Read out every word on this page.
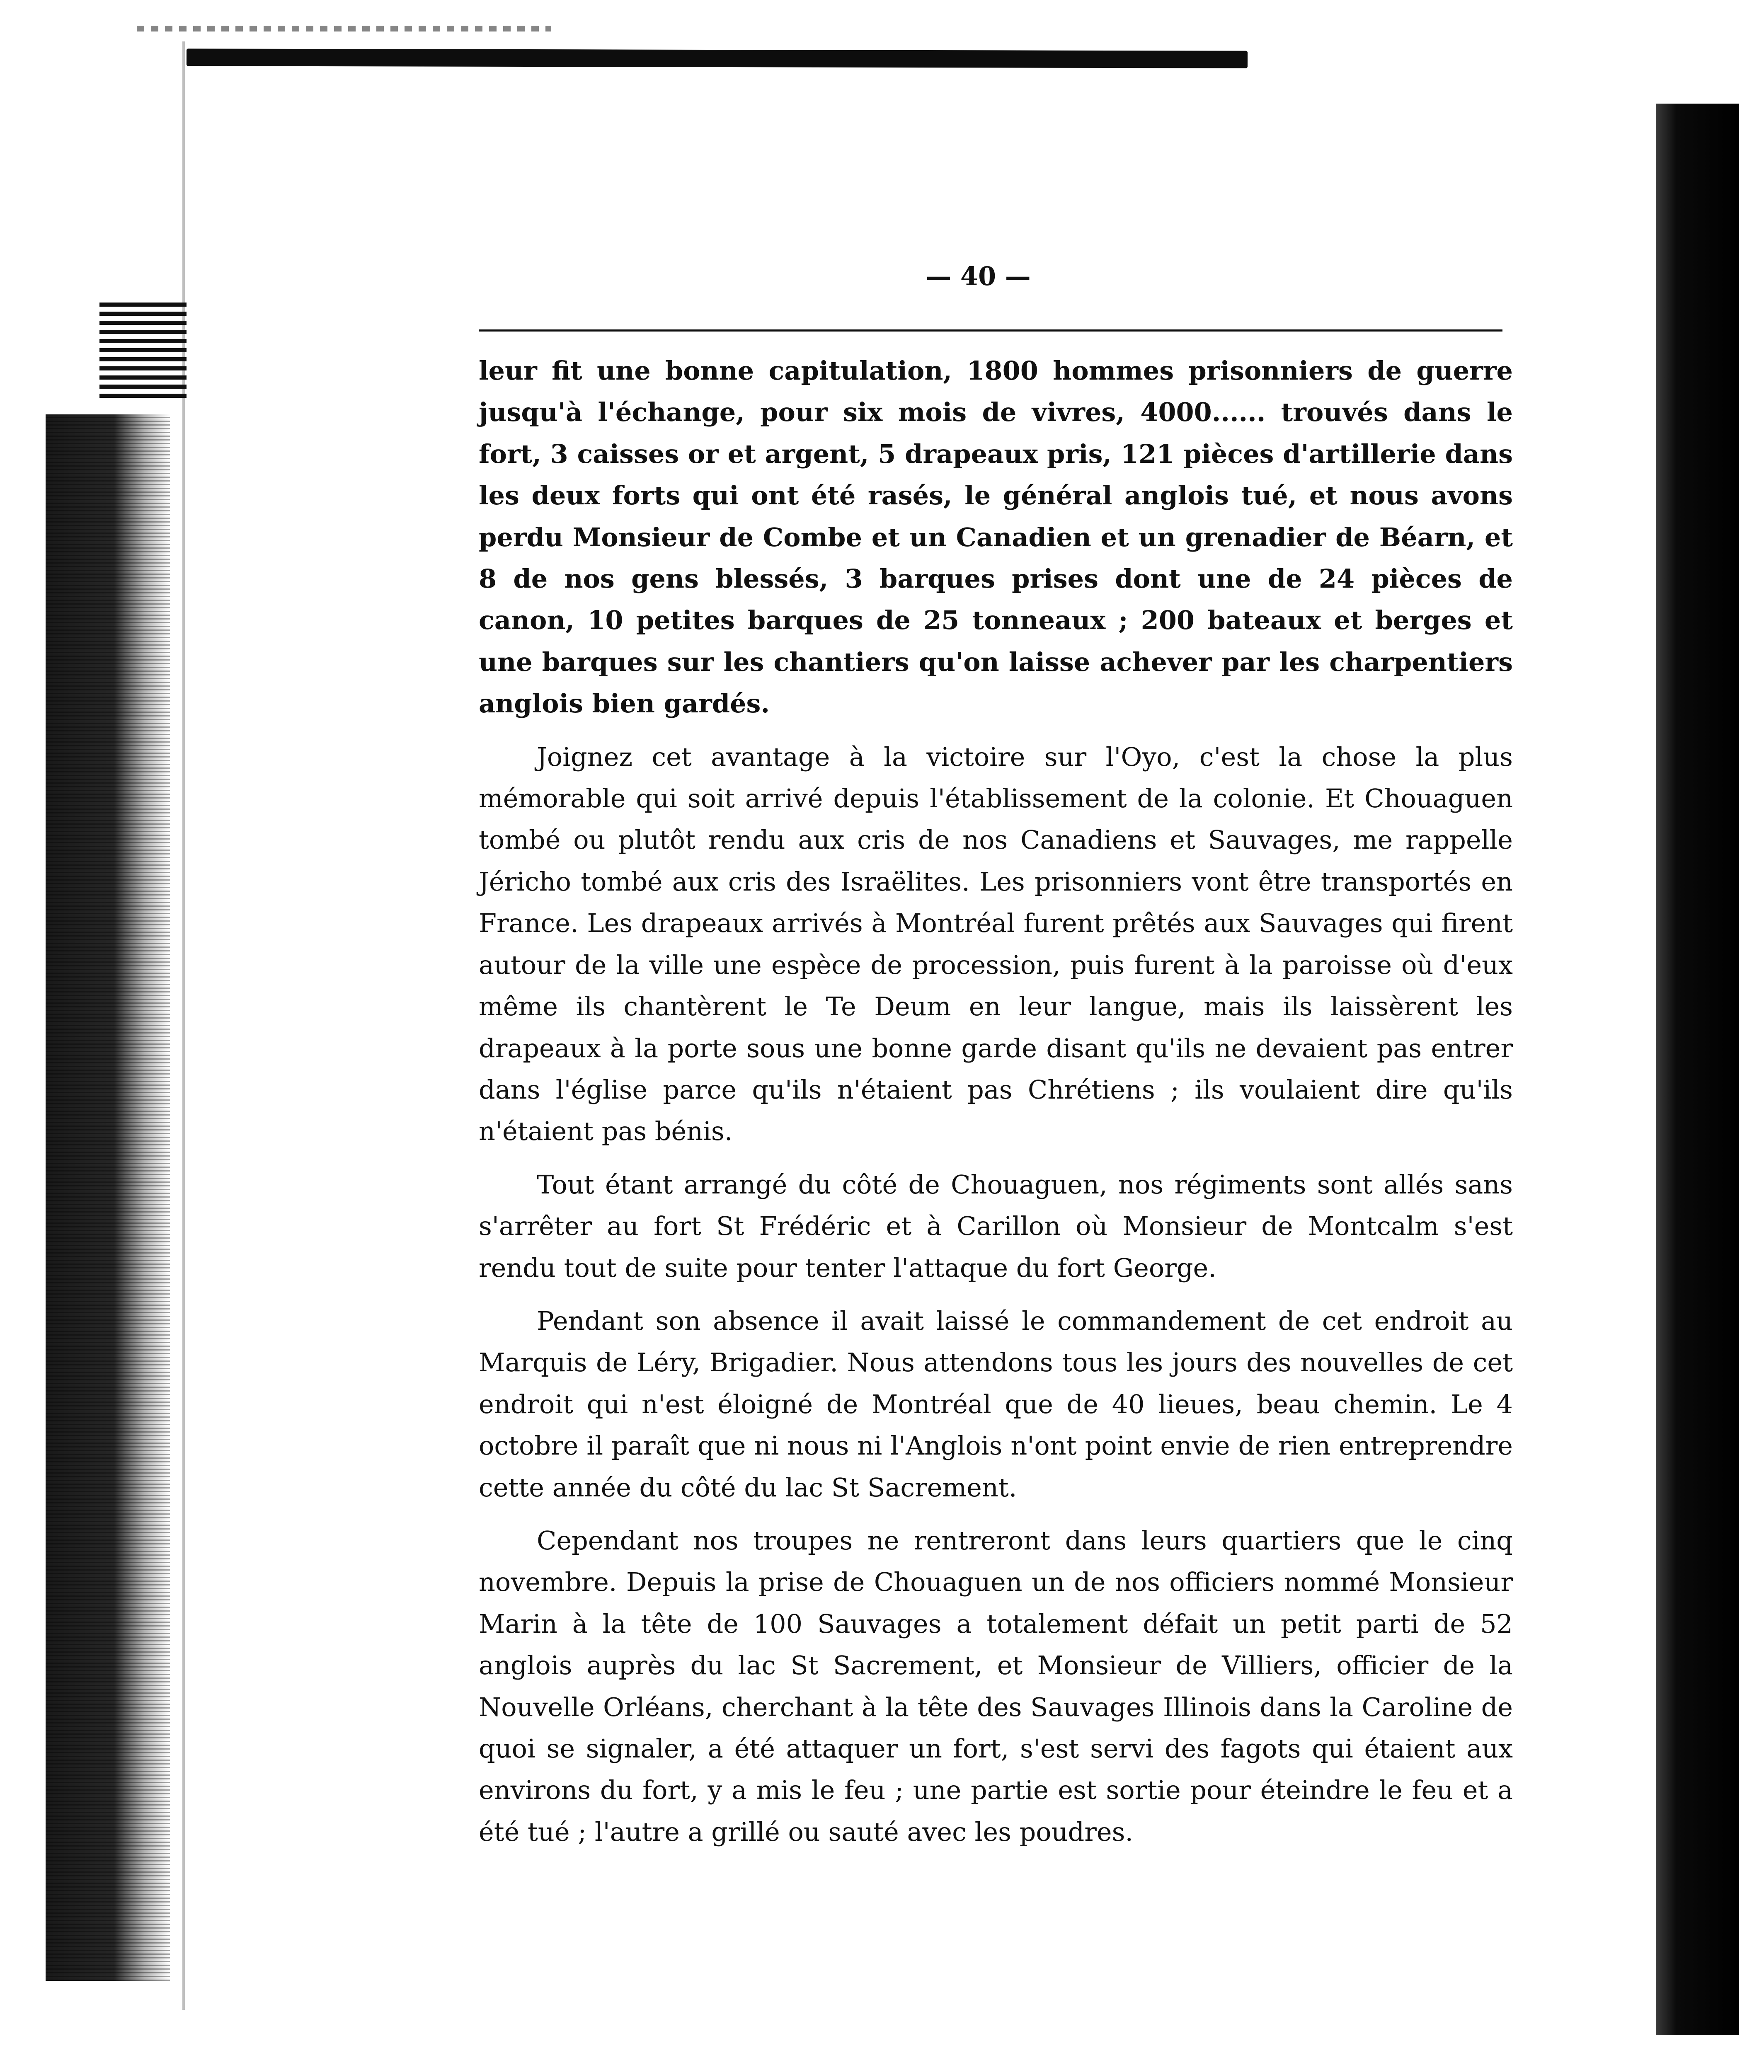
— 40 —

leur fit une bonne capitulation, 1800 hommes prisonniers de guerre jusqu'à l'échange, pour six mois de vivres, 4000...... trouvés dans le fort, 3 caisses or et argent, 5 drapeaux pris, 121 pièces d'artillerie dans les deux forts qui ont été rasés, le général anglois tué, et nous avons perdu Monsieur de Combe et un Canadien et un grenadier de Béarn, et 8 de nos gens blessés, 3 barques prises dont une de 24 pièces de canon, 10 petites barques de 25 tonneaux ; 200 bateaux et berges et une barques sur les chantiers qu'on laisse achever par les charpentiers anglois bien gardés.

Joignez cet avantage à la victoire sur l'Oyo, c'est la chose la plus mémorable qui soit arrivé depuis l'établissement de la colonie. Et Chouaguen tombé ou plutôt rendu aux cris de nos Canadiens et Sauvages, me rappelle Jéricho tombé aux cris des Israëlites. Les prisonniers vont être transportés en France. Les drapeaux arrivés à Montréal furent prêtés aux Sauvages qui firent autour de la ville une espèce de procession, puis furent à la paroisse où d'eux même ils chantèrent le Te Deum en leur langue, mais ils laissèrent les drapeaux à la porte sous une bonne garde disant qu'ils ne devaient pas entrer dans l'église parce qu'ils n'étaient pas Chrétiens ; ils voulaient dire qu'ils n'étaient pas bénis.

Tout étant arrangé du côté de Chouaguen, nos régiments sont allés sans s'arrêter au fort St Frédéric et à Carillon où Monsieur de Montcalm s'est rendu tout de suite pour tenter l'attaque du fort George.

Pendant son absence il avait laissé le commandement de cet endroit au Marquis de Léry, Brigadier. Nous attendons tous les jours des nouvelles de cet endroit qui n'est éloigné de Montréal que de 40 lieues, beau chemin. Le 4 octobre il paraît que ni nous ni l'Anglois n'ont point envie de rien entreprendre cette année du côté du lac St Sacrement.

Cependant nos troupes ne rentreront dans leurs quartiers que le cinq novembre. Depuis la prise de Chouaguen un de nos officiers nommé Monsieur Marin à la tête de 100 Sauvages a totalement défait un petit parti de 52 anglois auprès du lac St Sacrement, et Monsieur de Villiers, officier de la Nouvelle Orléans, cherchant à la tête des Sauvages Illinois dans la Caroline de quoi se signaler, a été attaquer un fort, s'est servi des fagots qui étaient aux environs du fort, y a mis le feu ; une partie est sortie pour éteindre le feu et a été tué ; l'autre a grillé ou sauté avec les poudres.
